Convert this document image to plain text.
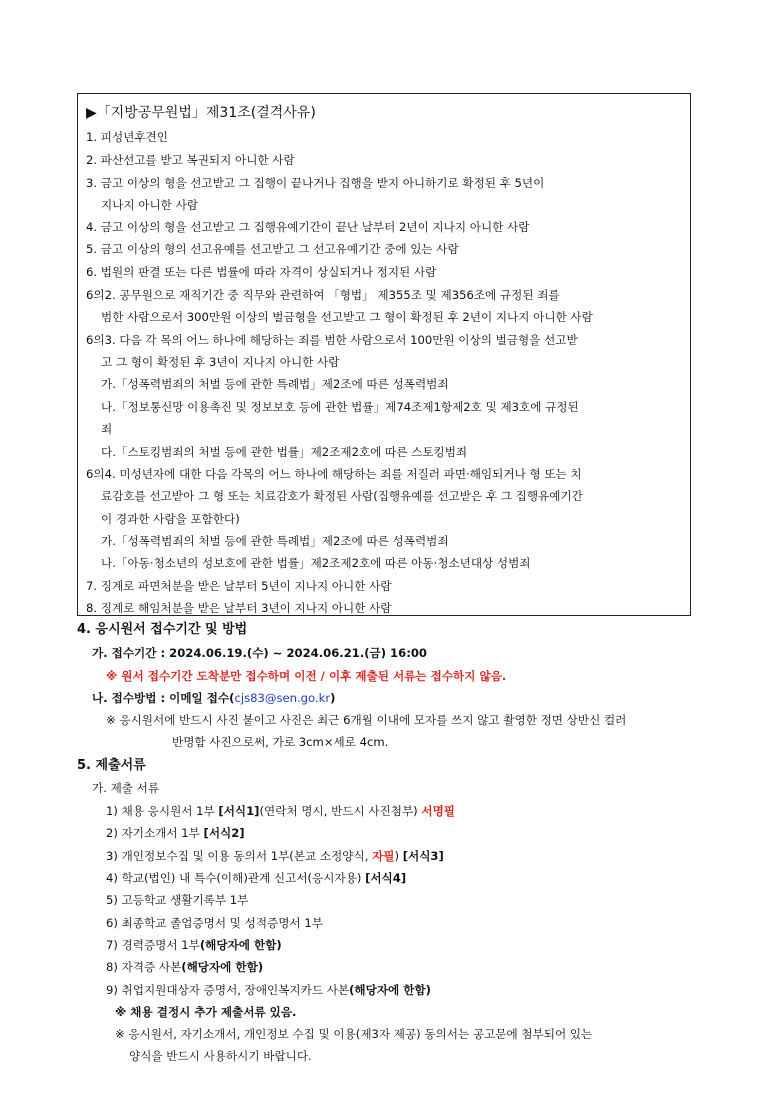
▶「지방공무원법」제31조(결격사유)
1. 피성년후견인
2. 파산선고를 받고 복권되지 아니한 사람
3. 금고 이상의 형을 선고받고 그 집행이 끝나거나 집행을 받지 아니하기로 확정된 후 5년이
지나지 아니한 사람
4. 금고 이상의 형을 선고받고 그 집행유예기간이 끝난 날부터 2년이 지나지 아니한 사람
5. 금고 이상의 형의 선고유예를 선고받고 그 선고유예기간 중에 있는 사람
6. 법원의 판결 또는 다른 법률에 따라 자격이 상실되거나 정지된 사람
6의2. 공무원으로 재직기간 중 직무와 관련하여 「형법」 제355조 및 제356조에 규정된 죄를
범한 사람으로서 300만원 이상의 벌금형을 선고받고 그 형이 확정된 후 2년이 지나지 아니한 사람
6의3. 다음 각 목의 어느 하나에 해당하는 죄를 범한 사람으로서 100만원 이상의 벌금형을 선고받
고 그 형이 확정된 후 3년이 지나지 아니한 사람
가.「성폭력범죄의 처벌 등에 관한 특례법」제2조에 따른 성폭력범죄
나.「정보통신망 이용촉진 및 정보보호 등에 관한 법률」제74조제1항제2호 및 제3호에 규정된
죄
다.「스토킹범죄의 처벌 등에 관한 법률」제2조제2호에 따른 스토킹범죄
6의4. 미성년자에 대한 다음 각목의 어느 하나에 해당하는 죄를 저질러 파면·해임되거나 형 또는 치
료감호를 선고받아 그 형 또는 치료감호가 확정된 사람(집행유예를 선고받은 후 그 집행유예기간
이 경과한 사람을 포함한다)
가.「성폭력범죄의 처벌 등에 관한 특례법」제2조에 따른 성폭력범죄
나.「아동·청소년의 성보호에 관한 법률」제2조제2호에 따른 아동·청소년대상 성범죄
7. 징계로 파면처분을 받은 날부터 5년이 지나지 아니한 사람
8. 징계로 해임처분을 받은 날부터 3년이 지나지 아니한 사람
4. 응시원서 접수기간 및 방법
가. 접수기간 : 2024.06.19.(수) ~ 2024.06.21.(금) 16:00
※ 원서 접수기간 도착분만 접수하며 이전 / 이후 제출된 서류는 접수하지 않음.
나. 접수방법 : 이메일 접수(cjs83@sen.go.kr)
※ 응시원서에 반드시 사진 붙이고 사진은 최근 6개월 이내에 모자를 쓰지 않고 촬영한 정면 상반신 컬러
반명함 사진으로써, 가로 3cm×세로 4cm.
5. 제출서류
가. 제출 서류
1) 채용 응시원서 1부 [서식1](연락처 명시, 반드시 사진첨부) 서명필
2) 자기소개서 1부 [서식2]
3) 개인정보수집 및 이용 동의서 1부(본교 소정양식, 자필) [서식3]
4) 학교(법인) 내 특수(이해)관계 신고서(응시자용) [서식4]
5) 고등학교 생활기록부 1부
6) 최종학교 졸업증명서 및 성적증명서 1부
7) 경력증명서 1부(해당자에 한함)
8) 자격증 사본(해당자에 한함)
9) 취업지원대상자 증명서, 장애인복지카드 사본(해당자에 한함)
※ 채용 결정시 추가 제출서류 있음.
※ 응시원서, 자기소개서, 개인정보 수집 및 이용(제3자 제공) 동의서는 공고문에 첨부되어 있는
양식을 반드시 사용하시기 바랍니다.
